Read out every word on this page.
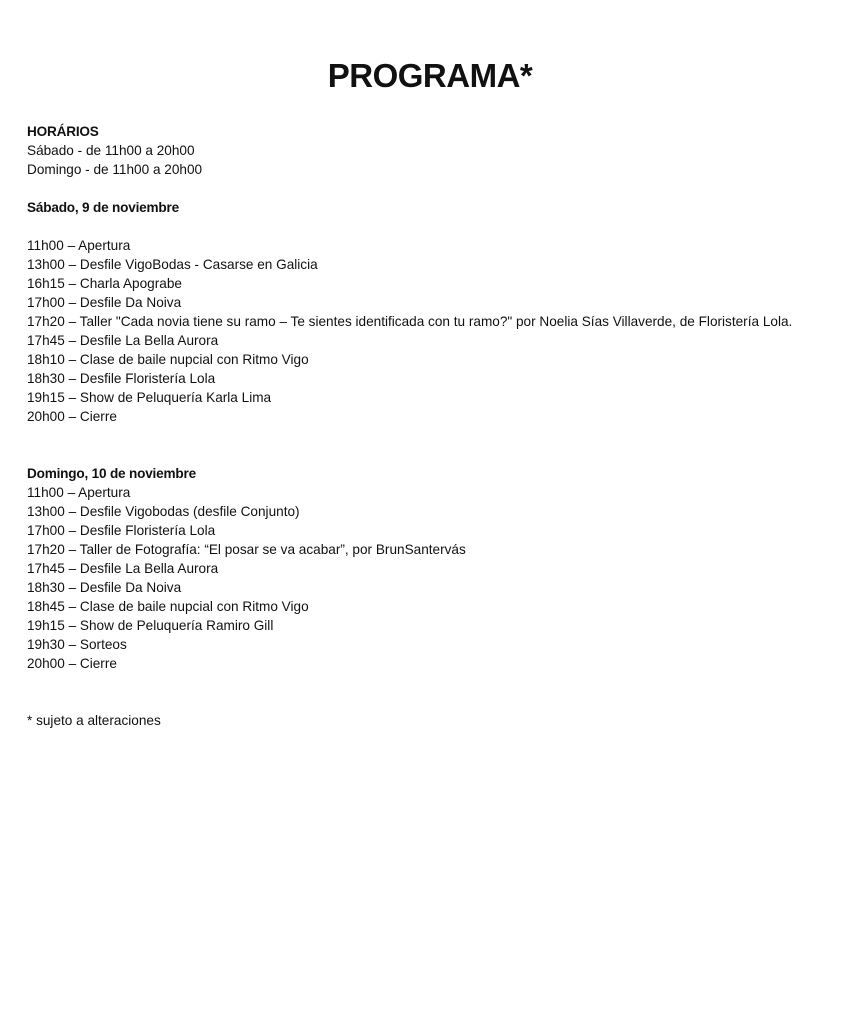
PROGRAMA*
HORÁRIOS
Sábado - de 11h00 a 20h00
Domingo - de 11h00 a 20h00
Sábado, 9 de noviembre
11h00 – Apertura
13h00 – Desfile VigoBodas - Casarse en Galicia
16h15 – Charla Apograbe
17h00 – Desfile Da Noiva
17h20 – Taller "Cada novia tiene su ramo – Te sientes identificada con tu ramo?" por Noelia Sías Villaverde, de Floristería Lola.
17h45 – Desfile La Bella Aurora
18h10 – Clase de baile nupcial con Ritmo Vigo
18h30 – Desfile Floristería Lola
19h15 – Show de Peluquería Karla Lima
20h00 – Cierre
Domingo, 10 de noviembre
11h00 – Apertura
13h00 – Desfile Vigobodas (desfile Conjunto)
17h00 – Desfile Floristería Lola
17h20 – Taller de Fotografía: “El posar se va acabar”, por BrunSantervás
17h45 – Desfile La Bella Aurora
18h30 – Desfile Da Noiva
18h45 – Clase de baile nupcial con Ritmo Vigo
19h15 – Show de Peluquería Ramiro Gill
19h30 – Sorteos
20h00 – Cierre

* sujeto a alteraciones
